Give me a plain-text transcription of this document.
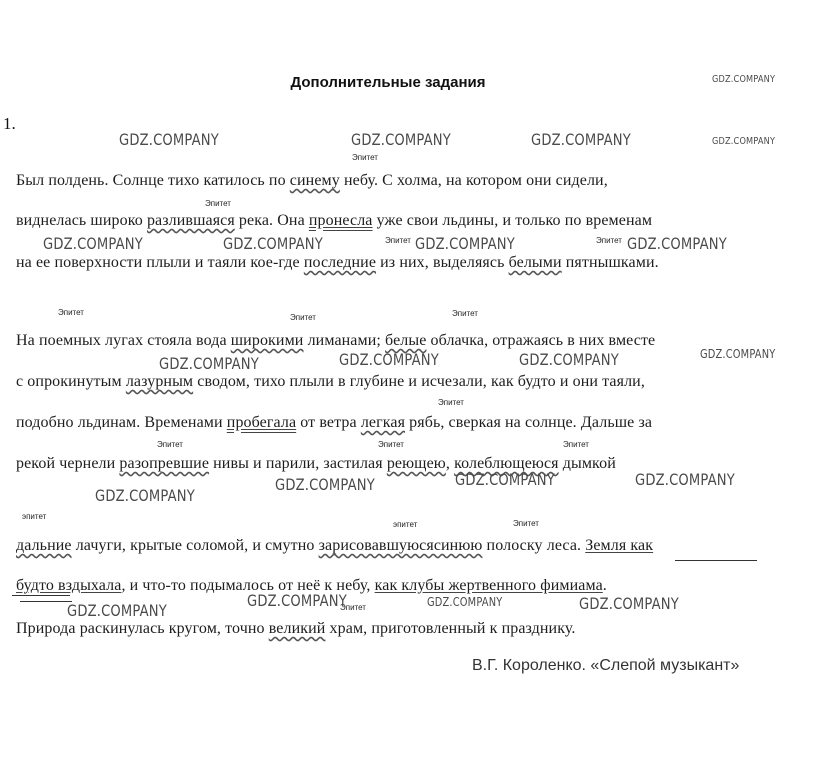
Дополнительные задания
1.
Был полдень. Солнце тихо катилось по синему небу. С холма, на котором они сидели,
виднелась широко разлившаяся река. Она пронесла уже свои льдины, и только по временам
на ее поверхности плыли и таяли кое-где последние из них, выделяясь белыми пятнышками.
На поемных лугах стояла вода широкими лиманами; белые облачка, отражаясь в них вместе
с опрокинутым лазурным сводом, тихо плыли в глубине и исчезали, как будто и они таяли,
подобно льдинам. Временами пробегала от ветра легкая рябь, сверкая на солнце. Дальше за
рекой чернели разопревшие нивы и парили, застилая реющею, колеблющеюся дымкой
дальние лачуги, крытые соломой, и смутно зарисовавшуюсясинюю полоску леса. Земля как
будто вздыхала, и что-то подымалось от неё к небу, как клубы жертвенного фимиама.
Природа раскинулась кругом, точно великий храм, приготовленный к празднику.
В.Г. Короленко. «Слепой музыкант»
Эпитет
Эпитет
Эпитет	Эпитет
Эпитет
Эпитет	Эпитет
Эпитет
Эпитет	Эпитет	Эпитет
эпитет
эпитет	Эпитет
Эпитет
GDZ.COMPANY	GDZ.COMPANY	GDZ.COMPANY
GDZ.COMPANY
GDZ.COMPANY
GDZ.COMPANY	GDZ.COMPANY	GDZ.COMPANY	GDZ.COMPANY
GDZ.COMPANY	GDZ.COMPANY	GDZ.COMPANY	GDZ.COMPANY
GDZ.COMPANY
GDZ.COMPANY	GDZ.COMPANY	GDZ.COMPANY
GDZ.COMPANY
GDZ.COMPANY	GDZ.COMPANY	GDZ.COMPANY
